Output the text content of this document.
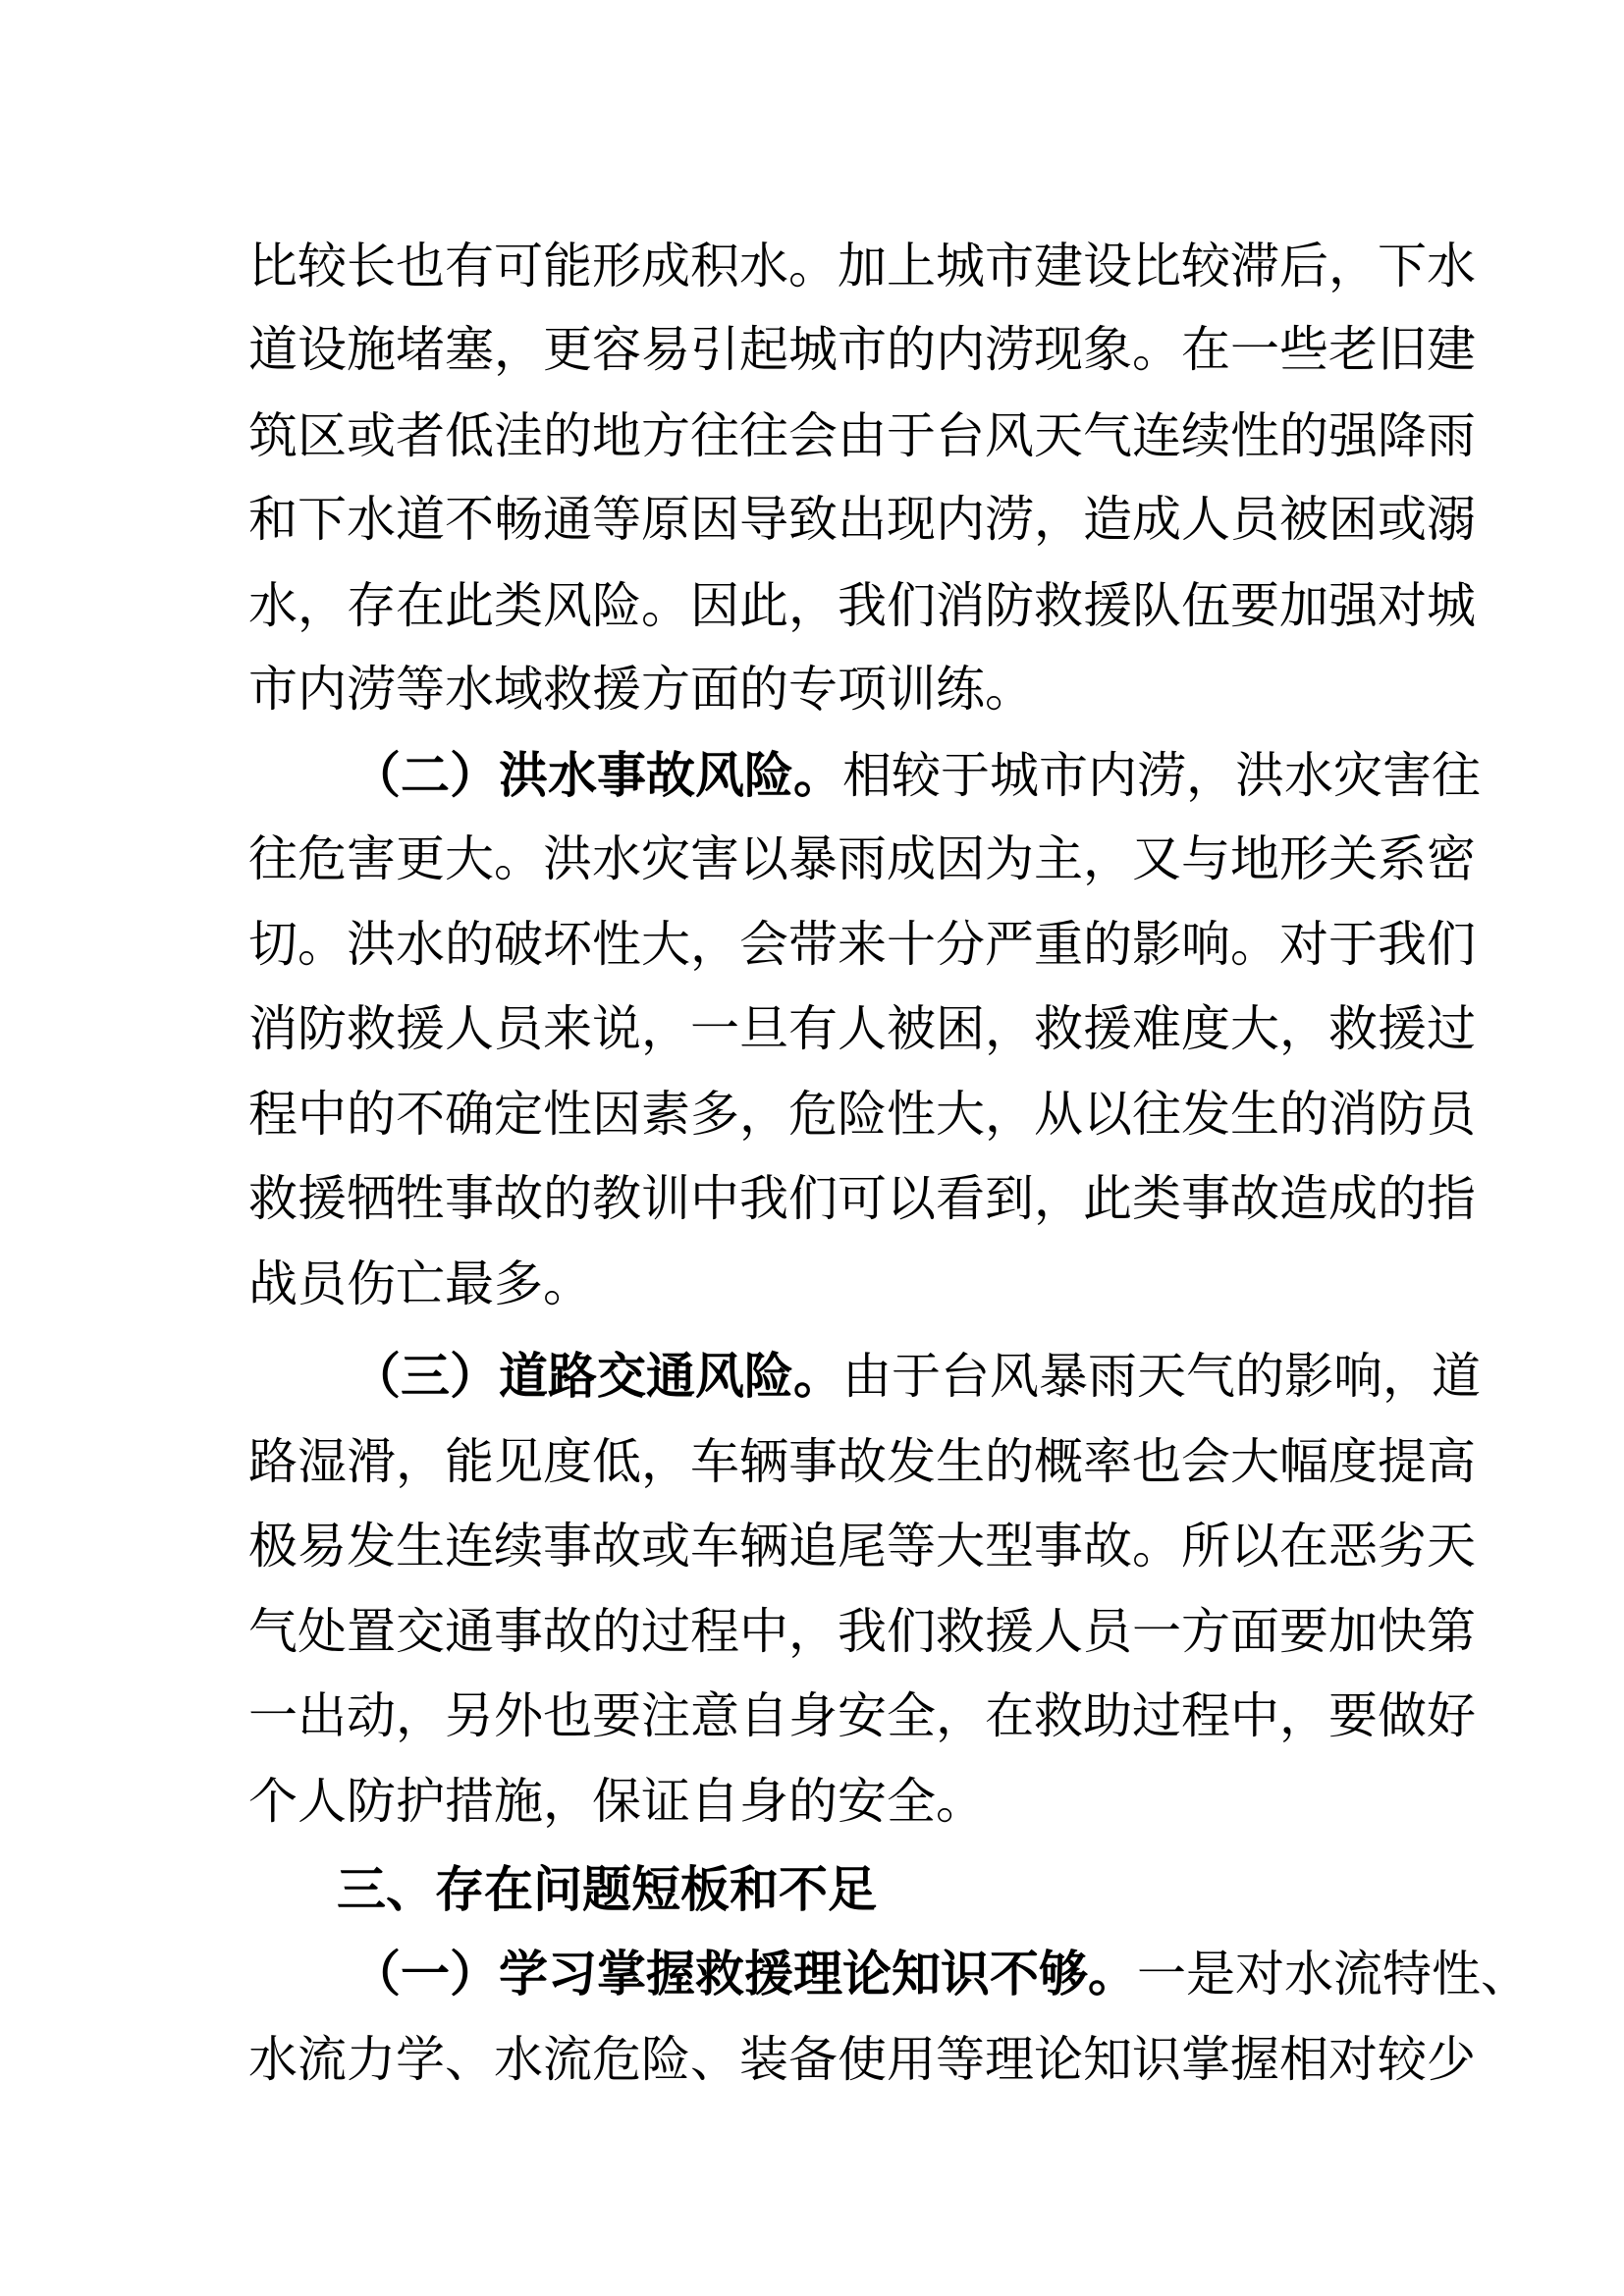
比较长也有可能形成积水。加上城市建设比较滞后，下水
道设施堵塞，更容易引起城市的内涝现象。在一些老旧建
筑区或者低洼的地方往往会由于台风天气连续性的强降雨
和下水道不畅通等原因导致出现内涝，造成人员被困或溺
水，存在此类风险。因此，我们消防救援队伍要加强对城
市内涝等水域救援方面的专项训练。
（二）洪水事故风险。相较于城市内涝，洪水灾害往
往危害更大。洪水灾害以暴雨成因为主，又与地形关系密
切。洪水的破坏性大，会带来十分严重的影响。对于我们
消防救援人员来说，一旦有人被困，救援难度大，救援过
程中的不确定性因素多，危险性大，从以往发生的消防员
救援牺牲事故的教训中我们可以看到，此类事故造成的指
战员伤亡最多。
（三）道路交通风险。由于台风暴雨天气的影响，道
路湿滑，能见度低，车辆事故发生的概率也会大幅度提高
极易发生连续事故或车辆追尾等大型事故。所以在恶劣天
气处置交通事故的过程中，我们救援人员一方面要加快第
一出动，另外也要注意自身安全，在救助过程中，要做好
个人防护措施，保证自身的安全。
三、存在问题短板和不足
（一）学习掌握救援理论知识不够。一是对水流特性、
水流力学、水流危险、装备使用等理论知识掌握相对较少
